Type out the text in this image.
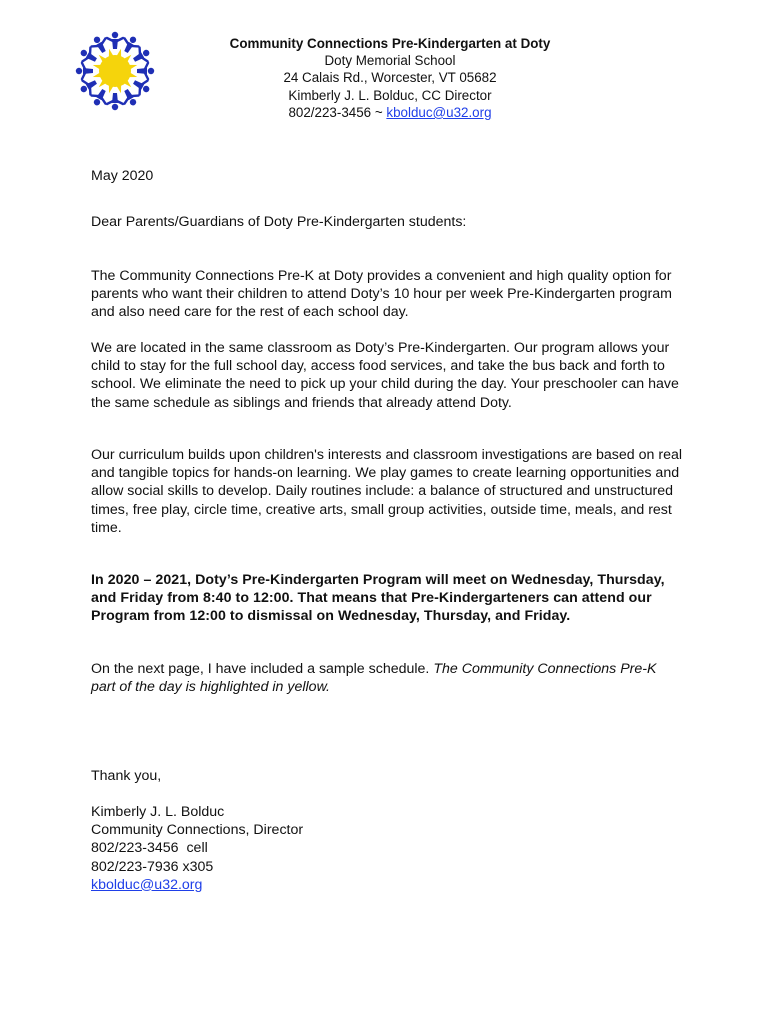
Community Connections Pre-Kindergarten at Doty
Doty Memorial School
24 Calais Rd., Worcester, VT 05682
Kimberly J. L. Bolduc, CC Director
802/223-3456 ~ kbolduc@u32.org

May 2020

Dear Parents/Guardians of Doty Pre-Kindergarten students:

The Community Connections Pre-K at Doty provides a convenient and high quality option for parents who want their children to attend Doty’s 10 hour per week Pre-Kindergarten program and also need care for the rest of each school day.

We are located in the same classroom as Doty’s Pre-Kindergarten. Our program allows your child to stay for the full school day, access food services, and take the bus back and forth to school. We eliminate the need to pick up your child during the day. Your preschooler can have the same schedule as siblings and friends that already attend Doty.

Our curriculum builds upon children's interests and classroom investigations are based on real and tangible topics for hands-on learning. We play games to create learning opportunities and allow social skills to develop. Daily routines include: a balance of structured and unstructured times, free play, circle time, creative arts, small group activities, outside time, meals, and rest time.

In 2020 – 2021, Doty’s Pre-Kindergarten Program will meet on Wednesday, Thursday, and Friday from 8:40 to 12:00. That means that Pre-Kindergarteners can attend our Program from 12:00 to dismissal on Wednesday, Thursday, and Friday.

On the next page, I have included a sample schedule. The Community Connections Pre-K part of the day is highlighted in yellow.

Thank you,

Kimberly J. L. Bolduc
Community Connections, Director
802/223-3456  cell
802/223-7936 x305
kbolduc@u32.org
